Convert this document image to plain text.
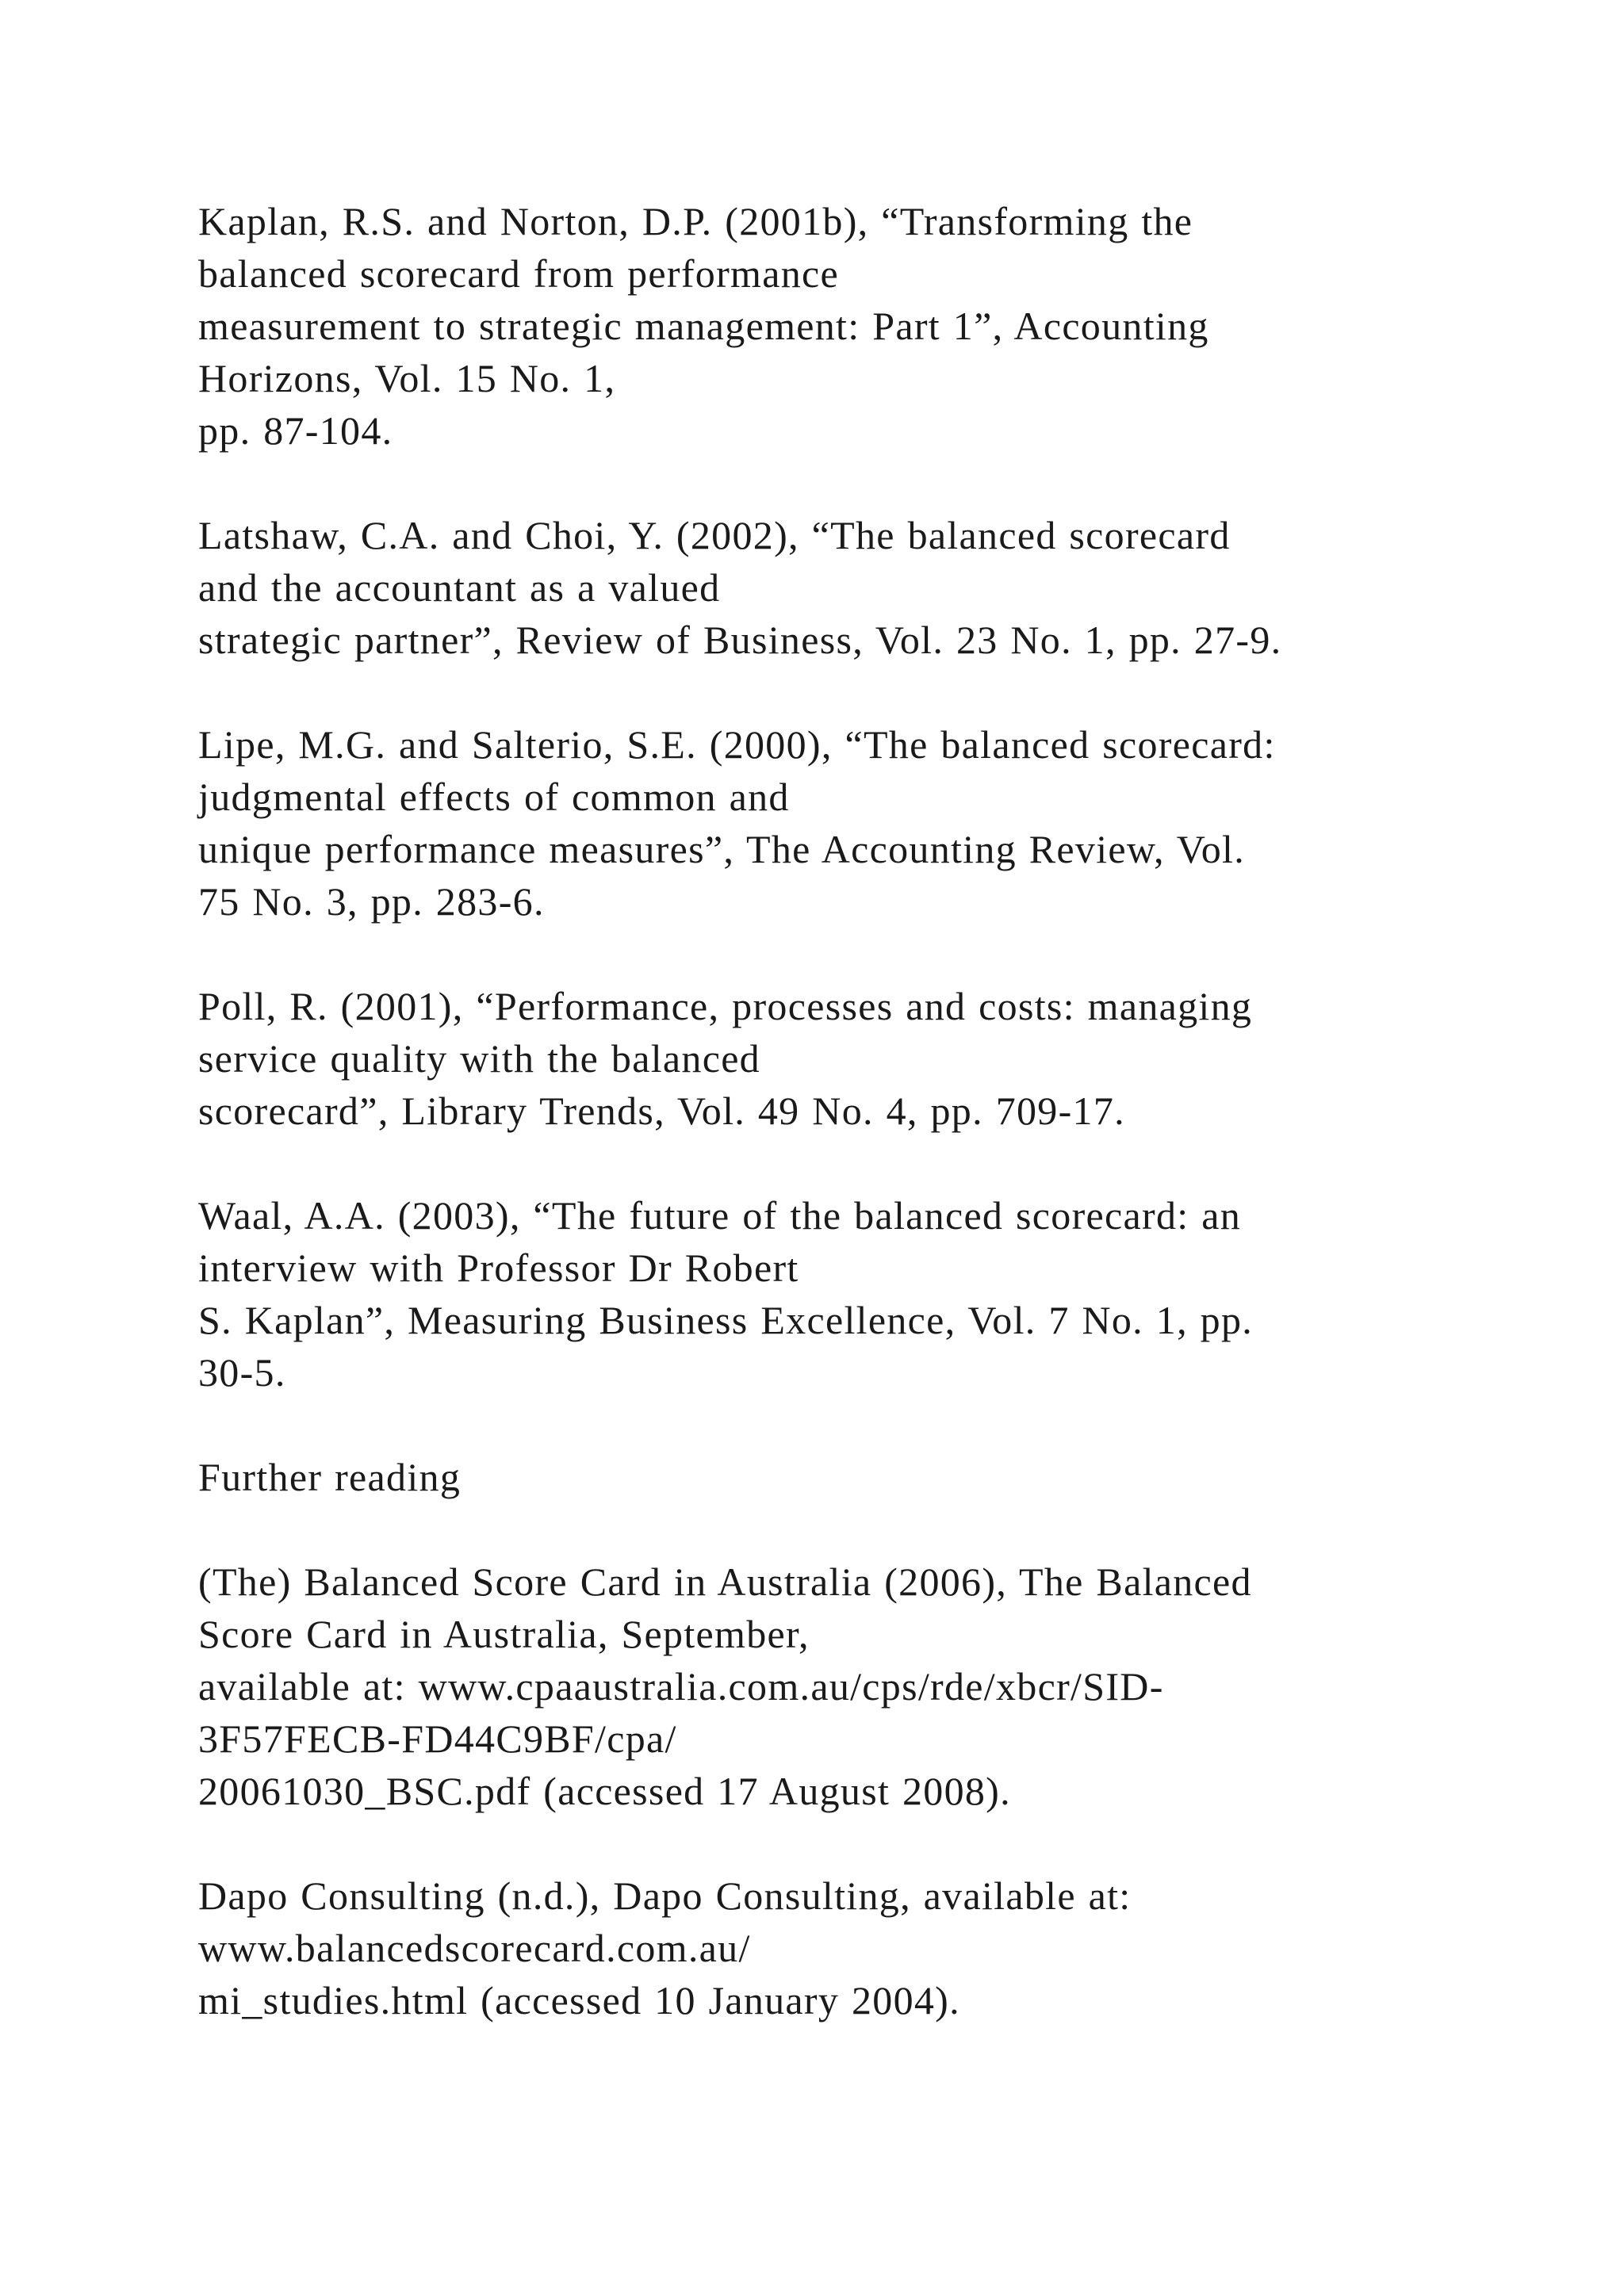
Kaplan, R.S. and Norton, D.P. (2001b), “Transforming the
balanced scorecard from performance
measurement to strategic management: Part 1”, Accounting
Horizons, Vol. 15 No. 1,
pp. 87-104.
Latshaw, C.A. and Choi, Y. (2002), “The balanced scorecard
and the accountant as a valued
strategic partner”, Review of Business, Vol. 23 No. 1, pp. 27-9.
Lipe, M.G. and Salterio, S.E. (2000), “The balanced scorecard:
judgmental effects of common and
unique performance measures”, The Accounting Review, Vol.
75 No. 3, pp. 283-6.
Poll, R. (2001), “Performance, processes and costs: managing
service quality with the balanced
scorecard”, Library Trends, Vol. 49 No. 4, pp. 709-17.
Waal, A.A. (2003), “The future of the balanced scorecard: an
interview with Professor Dr Robert
S. Kaplan”, Measuring Business Excellence, Vol. 7 No. 1, pp.
30-5.
Further reading
(The) Balanced Score Card in Australia (2006), The Balanced
Score Card in Australia, September,
available at: www.cpaaustralia.com.au/cps/rde/xbcr/SID-
3F57FECB-FD44C9BF/cpa/
20061030_BSC.pdf (accessed 17 August 2008).
Dapo Consulting (n.d.), Dapo Consulting, available at:
www.balancedscorecard.com.au/
mi_studies.html (accessed 10 January 2004).
